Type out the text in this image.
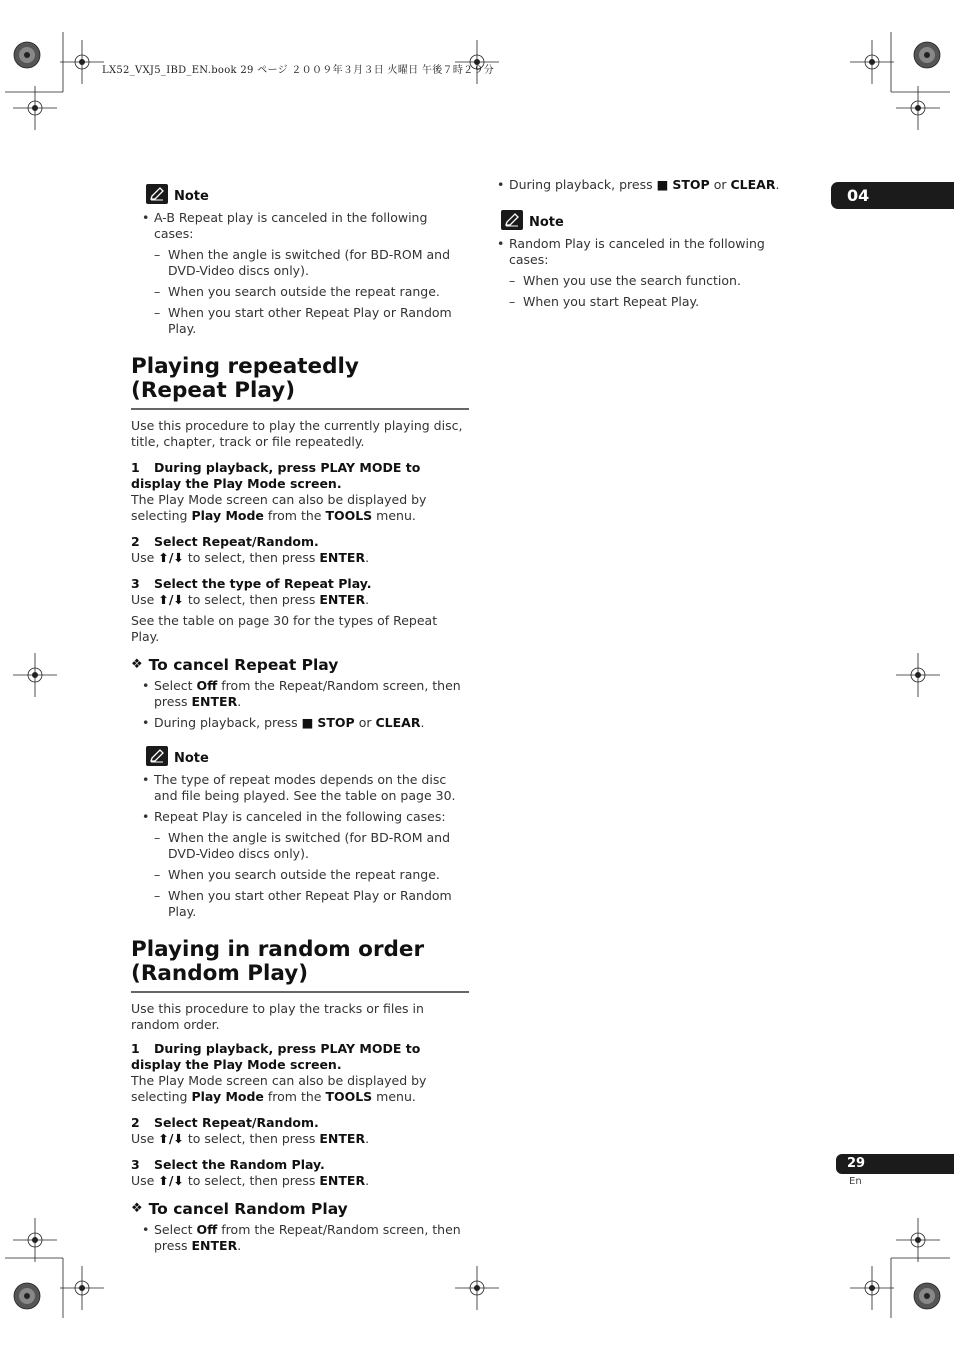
LX52_VXJ5_IBD_EN.book 29 ページ ２００９年３月３日 火曜日 午後７時２９分
04
Note
• A-B Repeat play is canceled in the following cases:
– When the angle is switched (for BD-ROM and DVD-Video discs only).
– When you search outside the repeat range.
– When you start other Repeat Play or Random Play.
Playing repeatedly
(Repeat Play)
Use this procedure to play the currently playing disc, title, chapter, track or file repeatedly.
1 During playback, press PLAY MODE to display the Play Mode screen.
The Play Mode screen can also be displayed by selecting Play Mode from the TOOLS menu.
2 Select Repeat/Random.
Use ⬆/⬇ to select, then press ENTER.
3 Select the type of Repeat Play.
Use ⬆/⬇ to select, then press ENTER.
See the table on page 30 for the types of Repeat Play.
❖ To cancel Repeat Play
• Select Off from the Repeat/Random screen, then press ENTER.
• During playback, press ■ STOP or CLEAR.
Note
• The type of repeat modes depends on the disc and file being played. See the table on page 30.
• Repeat Play is canceled in the following cases:
– When the angle is switched (for BD-ROM and DVD-Video discs only).
– When you search outside the repeat range.
– When you start other Repeat Play or Random Play.
Playing in random order
(Random Play)
Use this procedure to play the tracks or files in random order.
1 During playback, press PLAY MODE to display the Play Mode screen.
The Play Mode screen can also be displayed by selecting Play Mode from the TOOLS menu.
2 Select Repeat/Random.
Use ⬆/⬇ to select, then press ENTER.
3 Select the Random Play.
Use ⬆/⬇ to select, then press ENTER.
❖ To cancel Random Play
• Select Off from the Repeat/Random screen, then press ENTER.
• During playback, press ■ STOP or CLEAR.
Note
• Random Play is canceled in the following cases:
– When you use the search function.
– When you start Repeat Play.
29
En
